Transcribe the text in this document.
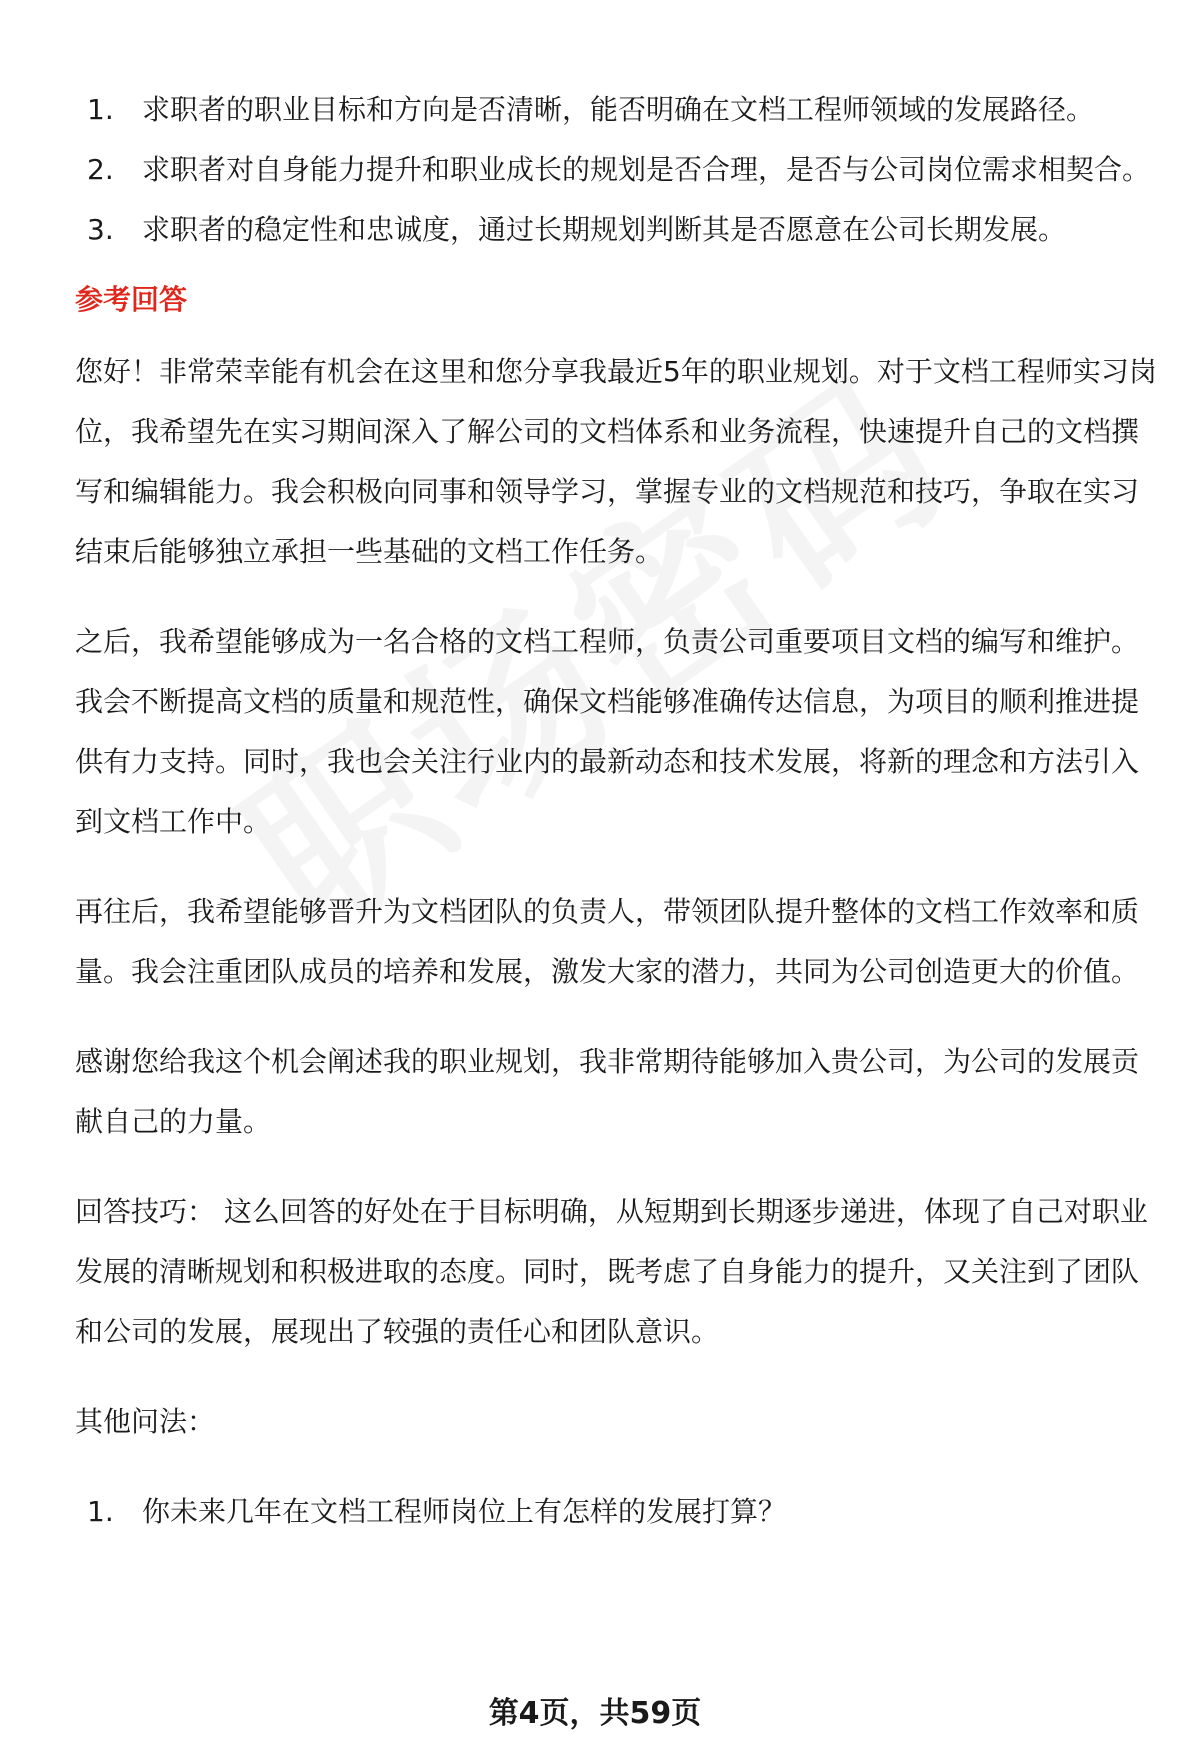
1. 求职者的职业目标和方向是否清晰，能否明确在文档工程师领域的发展路径。
2. 求职者对自身能力提升和职业成长的规划是否合理，是否与公司岗位需求相契合。
3. 求职者的稳定性和忠诚度，通过长期规划判断其是否愿意在公司长期发展。
参考回答

您好！非常荣幸能有机会在这里和您分享我最近5年的职业规划。对于文档工程师实习岗位，我希望先在实习期间深入了解公司的文档体系和业务流程，快速提升自己的文档撰写和编辑能力。我会积极向同事和领导学习，掌握专业的文档规范和技巧，争取在实习结束后能够独立承担一些基础的文档工作任务。

之后，我希望能够成为一名合格的文档工程师，负责公司重要项目文档的编写和维护。我会不断提高文档的质量和规范性，确保文档能够准确传达信息，为项目的顺利推进提供有力支持。同时，我也会关注行业内的最新动态和技术发展，将新的理念和方法引入到文档工作中。

再往后，我希望能够晋升为文档团队的负责人，带领团队提升整体的文档工作效率和质量。我会注重团队成员的培养和发展，激发大家的潜力，共同为公司创造更大的价值。

感谢您给我这个机会阐述我的职业规划，我非常期待能够加入贵公司，为公司的发展贡献自己的力量。

回答技巧： 这么回答的好处在于目标明确，从短期到长期逐步递进，体现了自己对职业发展的清晰规划和积极进取的态度。同时，既考虑了自身能力的提升，又关注到了团队和公司的发展，展现出了较强的责任心和团队意识。

其他问法：

1. 你未来几年在文档工程师岗位上有怎样的发展打算？
第4页，共59页
